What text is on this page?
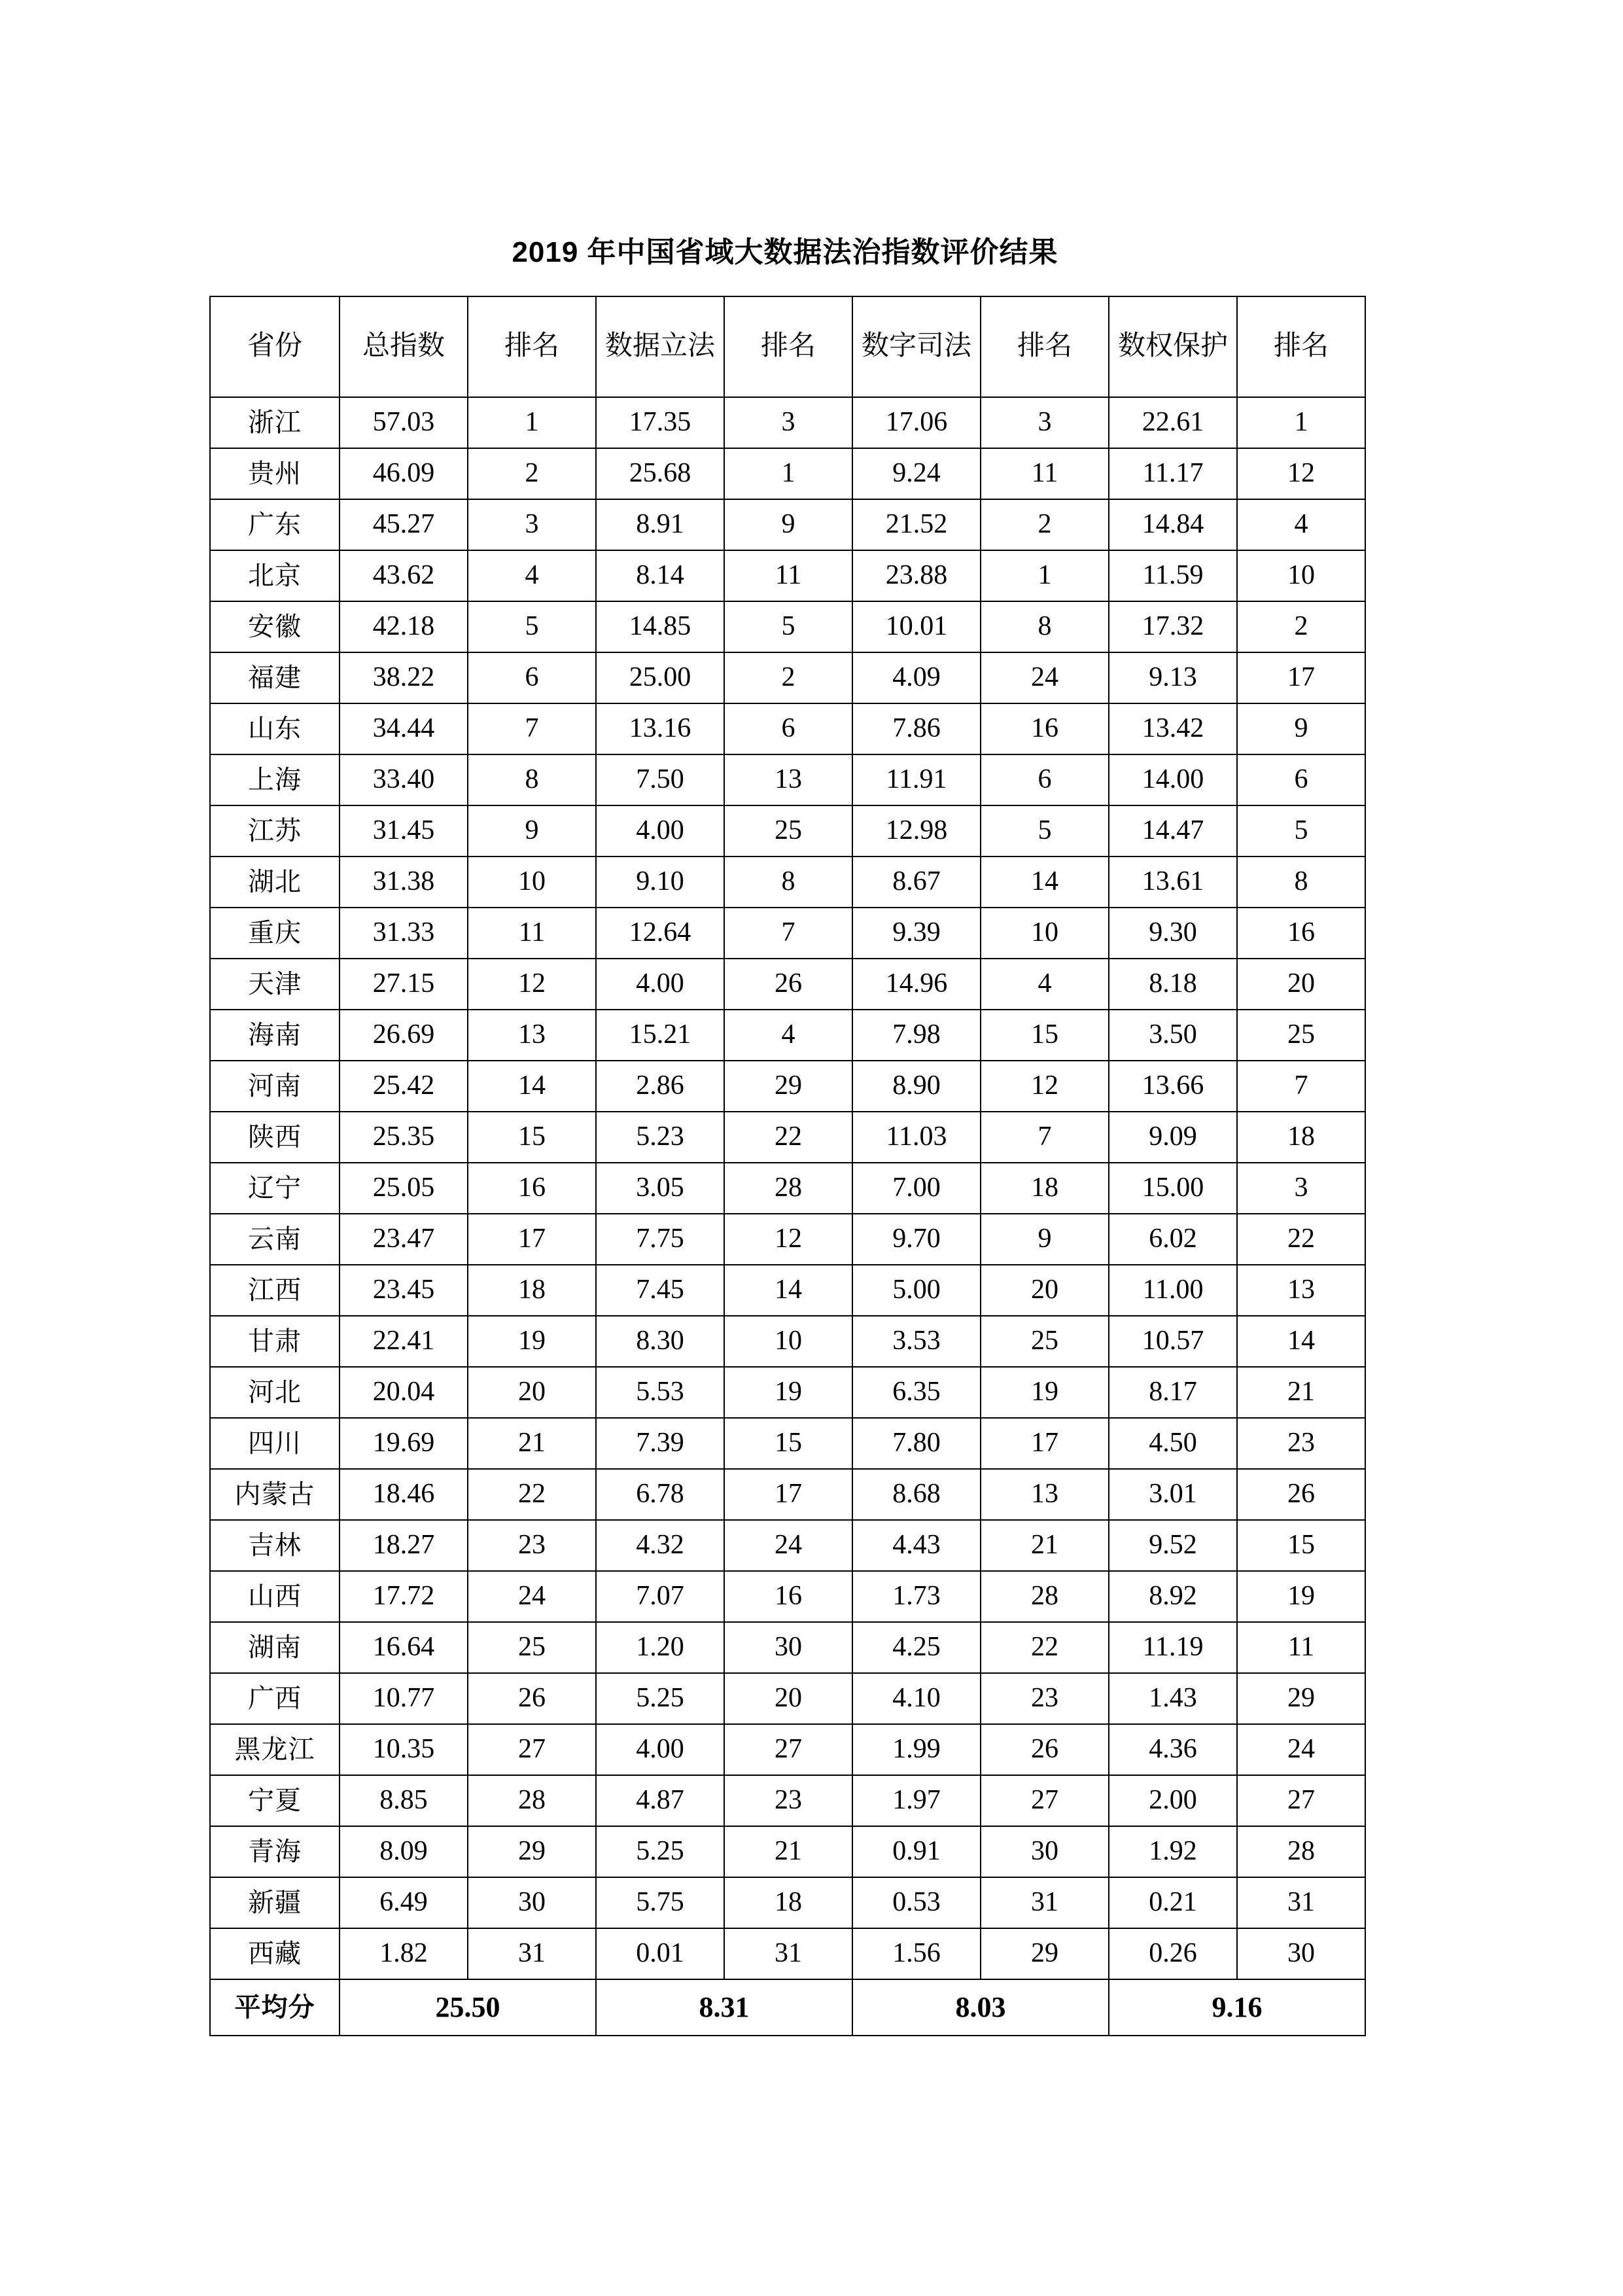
2019 年中国省域大数据法治指数评价结果
省份	总指数	排名	数据立法	排名	数字司法	排名	数权保护	排名

浙江	57.03	1	17.35	3	17.06	3	22.61	1
贵州	46.09	2	25.68	1	9.24	11	11.17	12
广东	45.27	3	8.91	9	21.52	2	14.84	4
北京	43.62	4	8.14	11	23.88	1	11.59	10
安徽	42.18	5	14.85	5	10.01	8	17.32	2
福建	38.22	6	25.00	2	4.09	24	9.13	17
山东	34.44	7	13.16	6	7.86	16	13.42	9
上海	33.40	8	7.50	13	11.91	6	14.00	6
江苏	31.45	9	4.00	25	12.98	5	14.47	5
湖北	31.38	10	9.10	8	8.67	14	13.61	8
重庆	31.33	11	12.64	7	9.39	10	9.30	16
天津	27.15	12	4.00	26	14.96	4	8.18	20
海南	26.69	13	15.21	4	7.98	15	3.50	25
河南	25.42	14	2.86	29	8.90	12	13.66	7
陕西	25.35	15	5.23	22	11.03	7	9.09	18
辽宁	25.05	16	3.05	28	7.00	18	15.00	3
云南	23.47	17	7.75	12	9.70	9	6.02	22
江西	23.45	18	7.45	14	5.00	20	11.00	13
甘肃	22.41	19	8.30	10	3.53	25	10.57	14
河北	20.04	20	5.53	19	6.35	19	8.17	21
四川	19.69	21	7.39	15	7.80	17	4.50	23
内蒙古	18.46	22	6.78	17	8.68	13	3.01	26
吉林	18.27	23	4.32	24	4.43	21	9.52	15
山西	17.72	24	7.07	16	1.73	28	8.92	19
湖南	16.64	25	1.20	30	4.25	22	11.19	11
广西	10.77	26	5.25	20	4.10	23	1.43	29
黑龙江	10.35	27	4.00	27	1.99	26	4.36	24
宁夏	8.85	28	4.87	23	1.97	27	2.00	27
青海	8.09	29	5.25	21	0.91	30	1.92	28
新疆	6.49	30	5.75	18	0.53	31	0.21	31
西藏	1.82	31	0.01	31	1.56	29	0.26	30
平均分	25.50		8.31		8.03		9.16	
